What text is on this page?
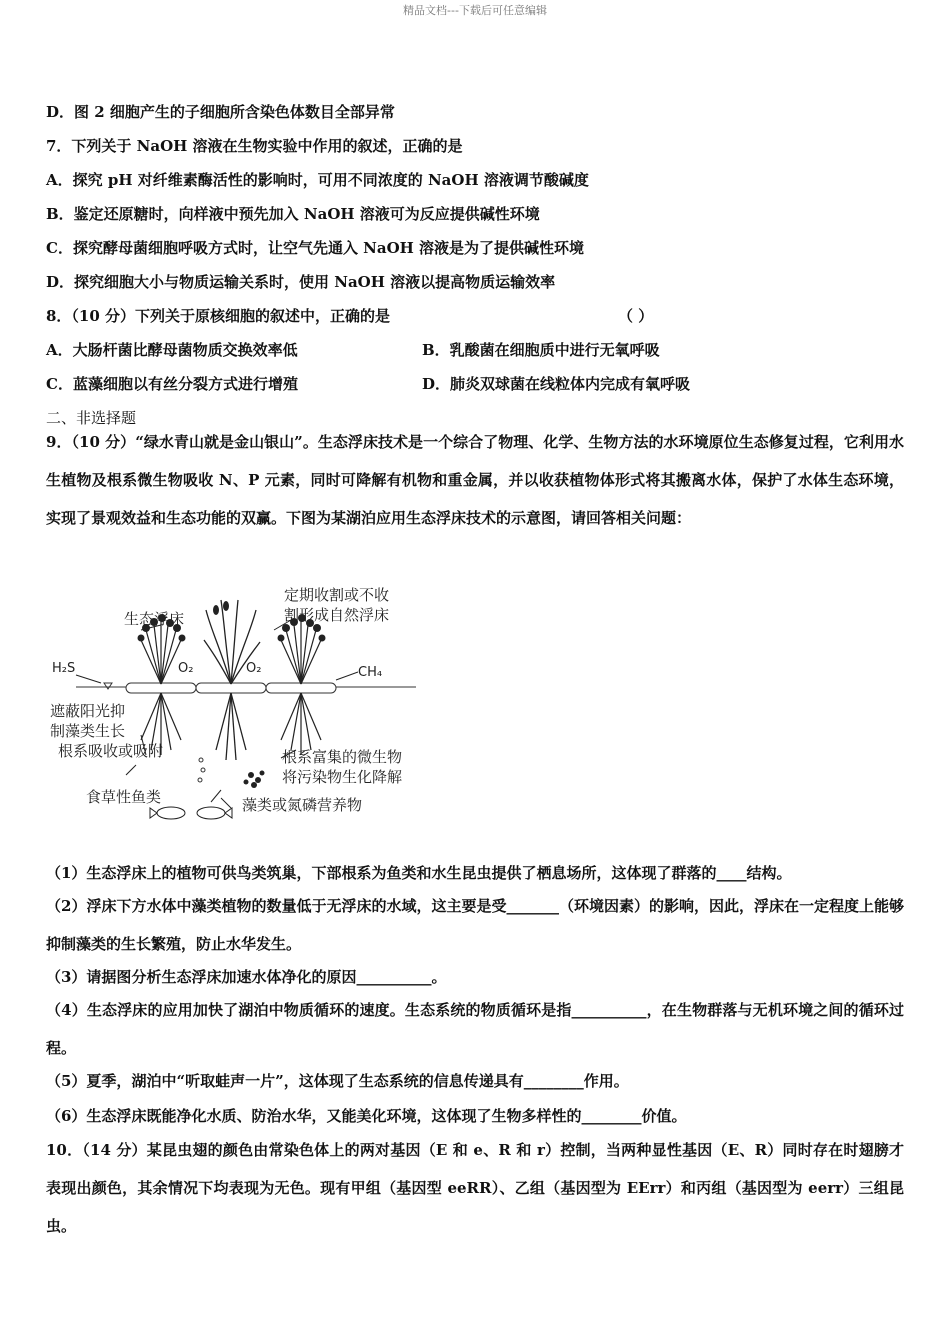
精品文档---下载后可任意编辑
D．图 2 细胞产生的子细胞所含染色体数目全部异常
7．下列关于 NaOH 溶液在生物实验中作用的叙述，正确的是
A．探究 pH 对纤维素酶活性的影响时，可用不同浓度的 NaOH 溶液调节酸碱度
B．鉴定还原糖时，向样液中预先加入 NaOH 溶液可为反应提供碱性环境
C．探究酵母菌细胞呼吸方式时，让空气先通入 NaOH 溶液是为了提供碱性环境
D．探究细胞大小与物质运输关系时，使用 NaOH 溶液以提高物质运输效率
8．（10 分）下列关于原核细胞的叙述中，正确的是	（ ）
A．大肠杆菌比酵母菌物质交换效率低	B．乳酸菌在细胞质中进行无氧呼吸
C．蓝藻细胞以有丝分裂方式进行增殖	D．肺炎双球菌在线粒体内完成有氧呼吸
二、非选择题
9．（10 分）“绿水青山就是金山银山”。生态浮床技术是一个综合了物理、化学、生物方法的水环境原位生态修复过程，它利用水生植物及根系微生物吸收 N、P 元素，同时可降解有机物和重金属，并以收获植物体形式将其搬离水体，保护了水体生态环境，实现了景观效益和生态功能的双赢。下图为某湖泊应用生态浮床技术的示意图，请回答相关问题：
生态浮床
定期收割或不收
割形成自然浮床
H₂S	O₂	O₂	CH₄
遮蔽阳光抑
制藻类生长
根系吸收或吸附	根系富集的微生物
将污染物生化降解
食草性鱼类	藻类或氮磷营养物
（1）生态浮床上的植物可供鸟类筑巢，下部根系为鱼类和水生昆虫提供了栖息场所，这体现了群落的____结构。
（2）浮床下方水体中藻类植物的数量低于无浮床的水域，这主要是受_______（环境因素）的影响，因此，浮床在一定程度上能够抑制藻类的生长繁殖，防止水华发生。
（3）请据图分析生态浮床加速水体净化的原因__________。
（4）生态浮床的应用加快了湖泊中物质循环的速度。生态系统的物质循环是指__________，在生物群落与无机环境之间的循环过程。
（5）夏季，湖泊中“听取蛙声一片”，这体现了生态系统的信息传递具有________作用。
（6）生态浮床既能净化水质、防治水华，又能美化环境，这体现了生物多样性的________价值。
10．（14 分）某昆虫翅的颜色由常染色体上的两对基因（E 和 e、R 和 r）控制，当两种显性基因（E、R）同时存在时翅膀才表现出颜色，其余情况下均表现为无色。现有甲组（基因型 eeRR）、乙组（基因型为 EErr）和丙组（基因型为 eerr）三组昆虫。
